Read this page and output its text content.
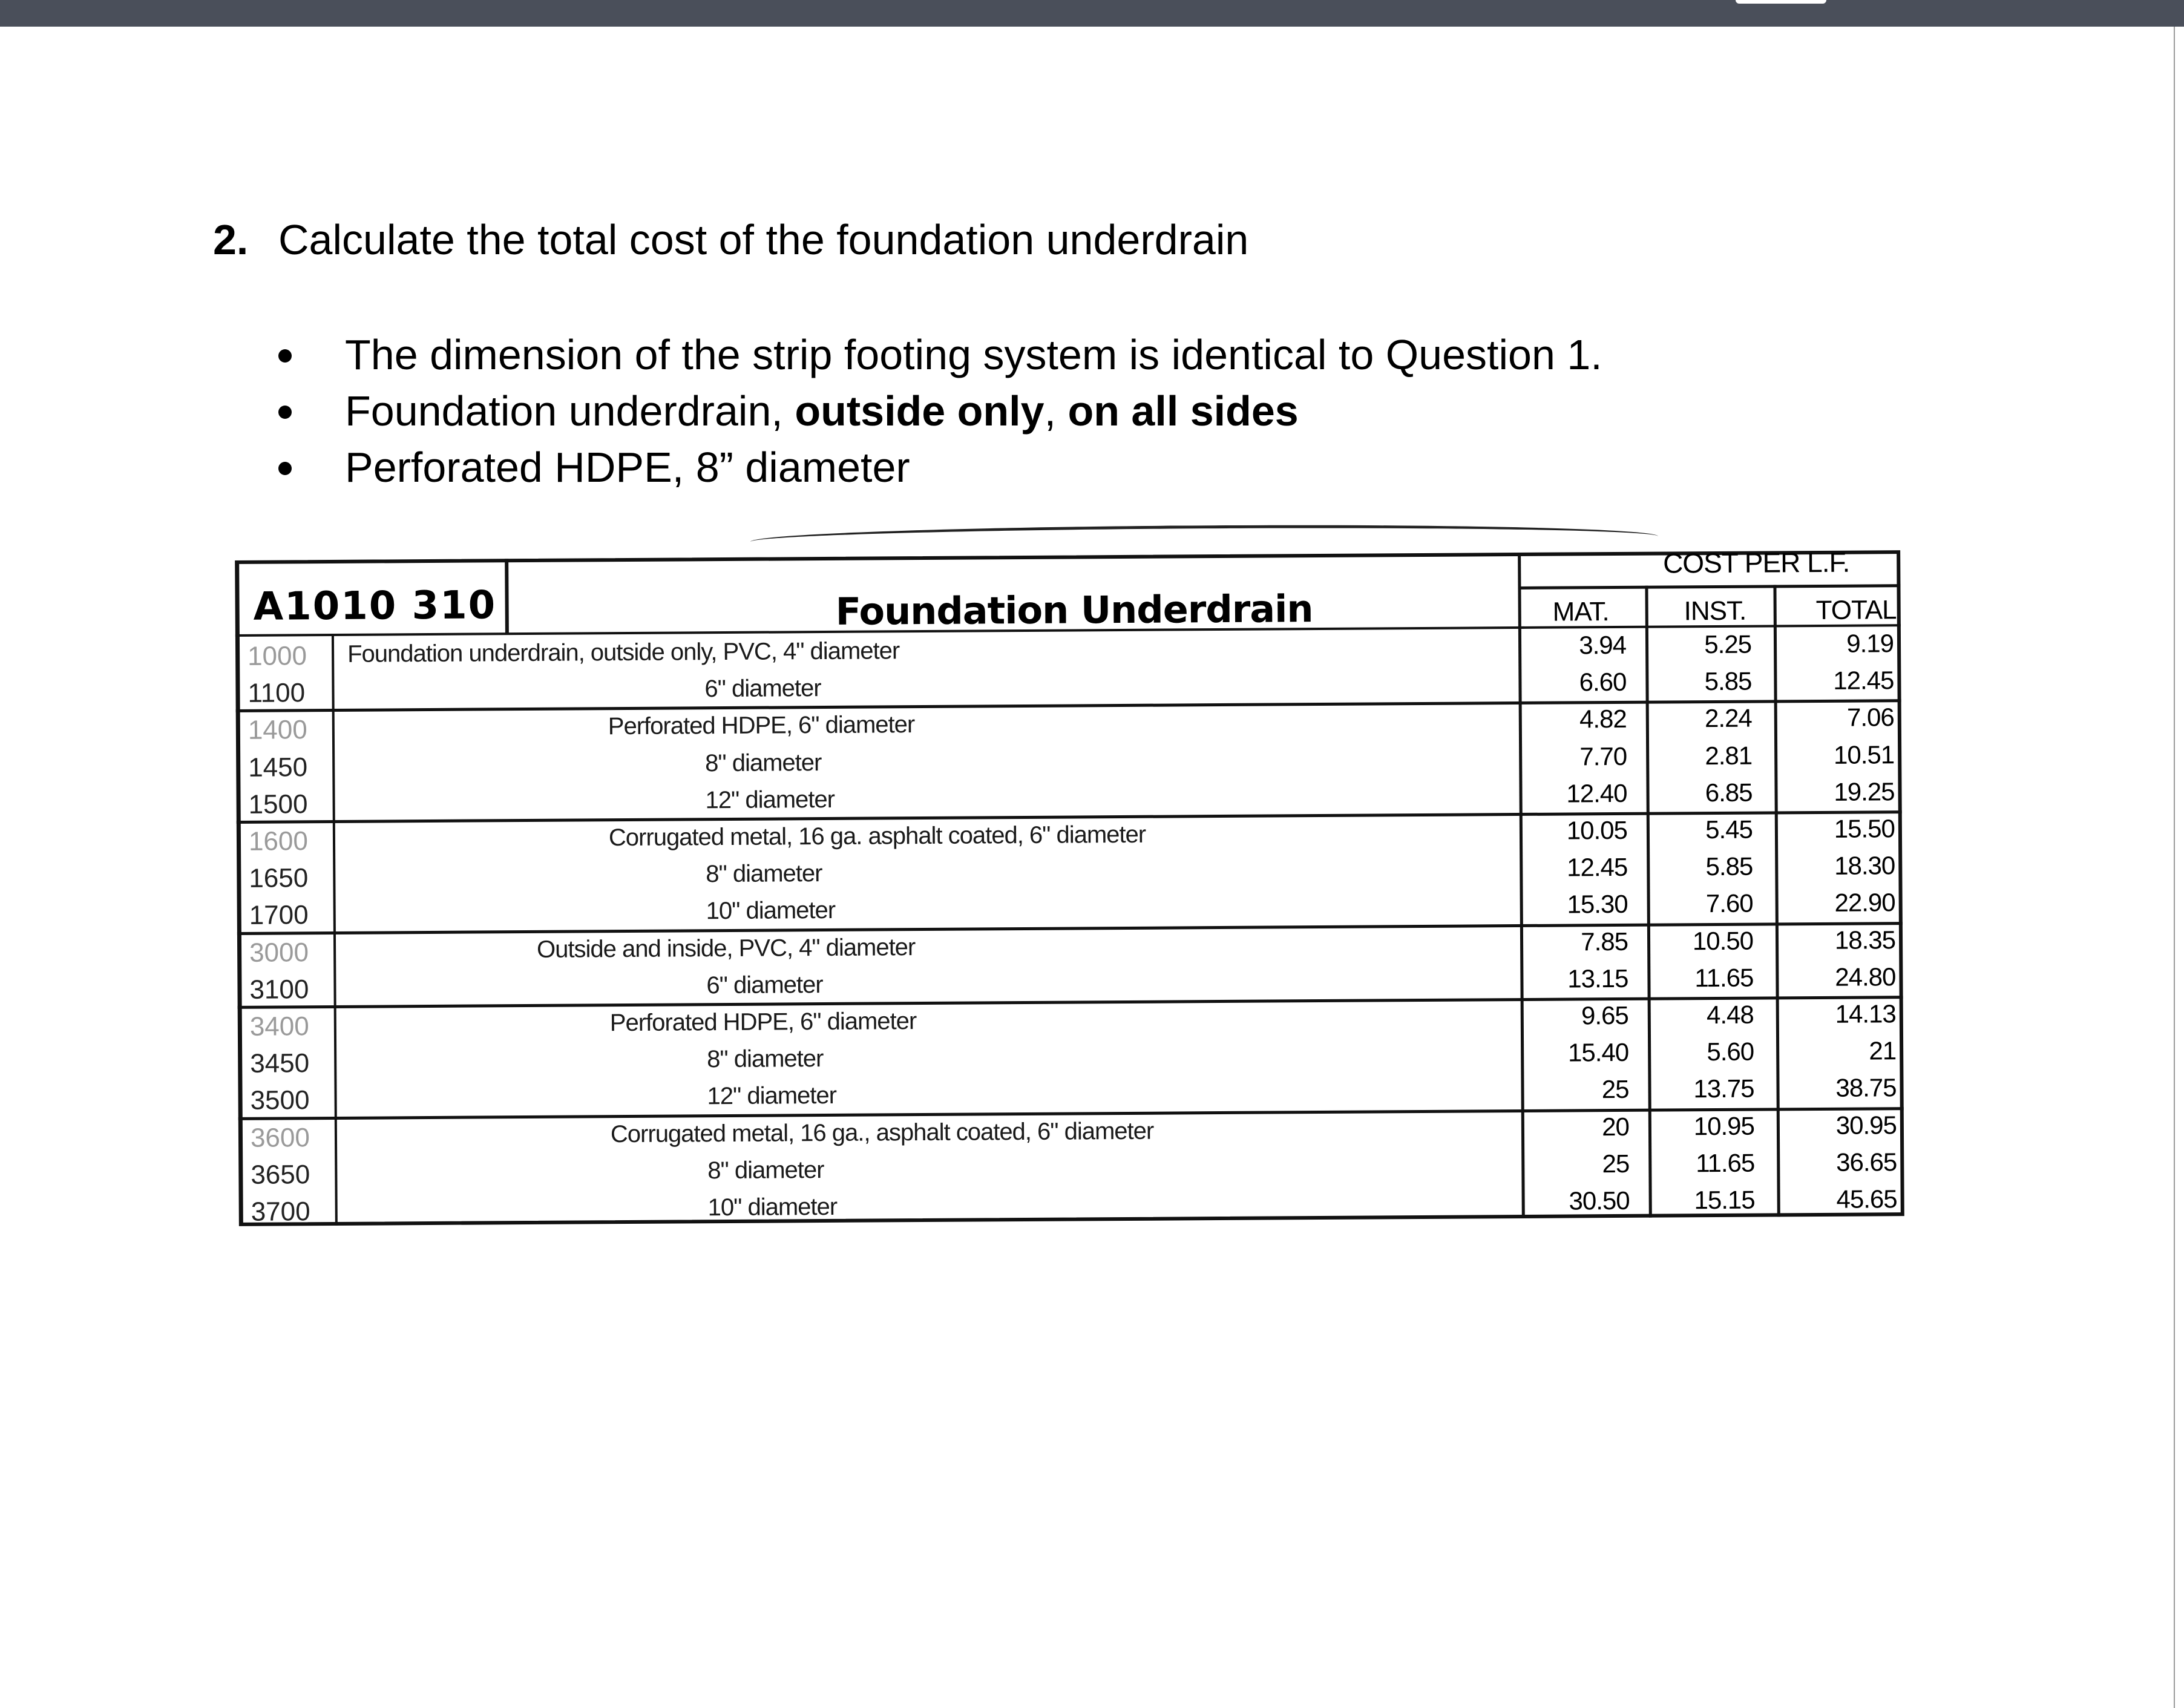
2. Calculate the total cost of the foundation underdrain
The dimension of the strip footing system is identical to Question 1.
Foundation underdrain, outside only, on all sides
Perforated HDPE, 8” diameter
A1010 310	Foundation Underdrain
COST PER L.F.
MAT.	INST.	TOTAL
1000 Foundation underdrain, outside only, PVC, 4" diameter	3.94	5.25	9.19
1100	6" diameter	6.60	5.85	12.45
1400	Perforated HDPE, 6" diameter	4.82	2.24	7.06
1450	8" diameter	7.70	2.81	10.51
1500	12" diameter	12.40	6.85	19.25
1600	Corrugated metal, 16 ga. asphalt coated, 6" diameter	10.05	5.45	15.50
1650	8" diameter	12.45	5.85	18.30
1700	10" diameter	15.30	7.60	22.90
3000	Outside and inside, PVC, 4" diameter	7.85	10.50	18.35
3100	6" diameter	13.15	11.65	24.80
3400	Perforated HDPE, 6" diameter	9.65	4.48	14.13
3450	8" diameter	15.40	5.60	21
3500	12" diameter	25	13.75	38.75
3600	Corrugated metal, 16 ga., asphalt coated, 6" diameter	20	10.95	30.95
3650	8" diameter	25	11.65	36.65
3700	10" diameter	30.50	15.15	45.65
